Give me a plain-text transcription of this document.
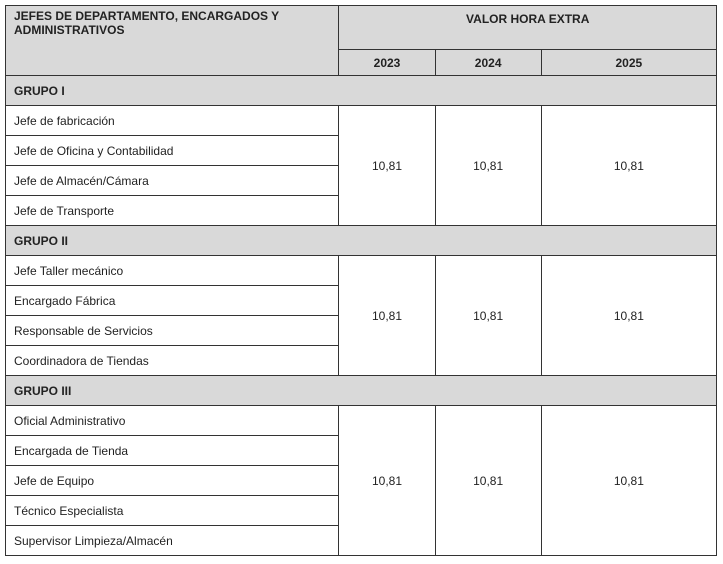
JEFES DE DEPARTAMENTO, ENCARGADOS Y ADMINISTRATIVOS	VALOR HORA EXTRA		
	2023	2024	2025
GRUPO I			
Jefe de fabricación	10,81	10,81	10,81
Jefe de Oficina y Contabilidad			
Jefe de Almacén/Cámara			
Jefe de Transporte			
GRUPO II			
Jefe Taller mecánico	10,81	10,81	10,81
Encargado Fábrica			
Responsable de Servicios			
Coordinadora de Tiendas			
GRUPO III			
Oficial Administrativo	10,81	10,81	10,81
Encargada de Tienda			
Jefe de Equipo			
Técnico Especialista			
Supervisor Limpieza/Almacén			
